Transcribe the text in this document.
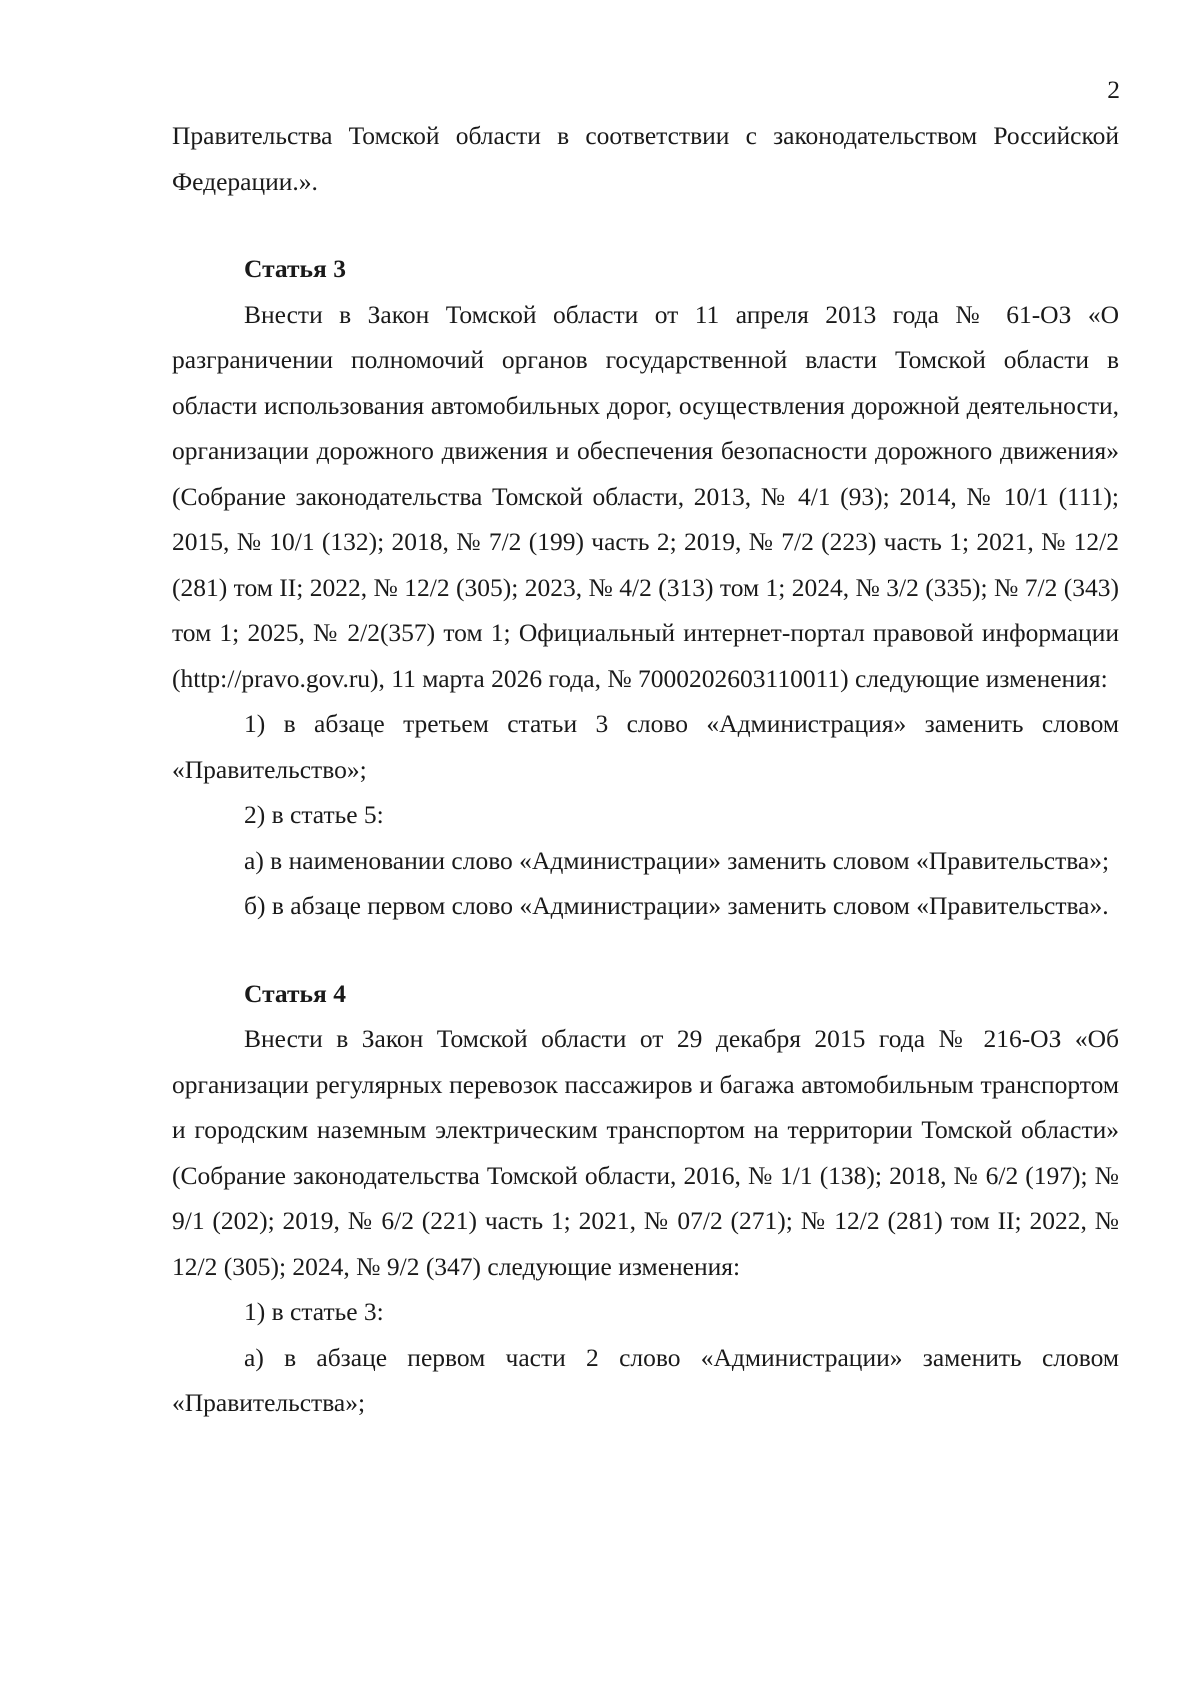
2

Правительства Томской области в соответствии с законодательством Российской Федерации.».

Статья 3

Внести в Закон Томской области от 11 апреля 2013 года № 61-ОЗ «О разграничении полномочий органов государственной власти Томской области в области использования автомобильных дорог, осуществления дорожной деятельности, организации дорожного движения и обеспечения безопасности дорожного движения» (Собрание законодательства Томской области, 2013, № 4/1 (93); 2014, № 10/1 (111); 2015, № 10/1 (132); 2018, № 7/2 (199) часть 2; 2019, № 7/2 (223) часть 1; 2021, № 12/2 (281) том II; 2022, № 12/2 (305); 2023, № 4/2 (313) том 1; 2024, № 3/2 (335); № 7/2 (343) том 1; 2025, № 2/2(357) том 1; Официальный интернет-портал правовой информации (http://pravo.gov.ru), 11 марта 2026 года, № 7000202603110011) следующие изменения:

1) в абзаце третьем статьи 3 слово «Администрация» заменить словом «Правительство»;

2) в статье 5:

а) в наименовании слово «Администрации» заменить словом «Правительства»;

б) в абзаце первом слово «Администрации» заменить словом «Правительства».

Статья 4

Внести в Закон Томской области от 29 декабря 2015 года № 216-ОЗ «Об организации регулярных перевозок пассажиров и багажа автомобильным транспортом и городским наземным электрическим транспортом на территории Томской области» (Собрание законодательства Томской области, 2016, № 1/1 (138); 2018, № 6/2 (197); № 9/1 (202); 2019, № 6/2 (221) часть 1; 2021, № 07/2 (271); № 12/2 (281) том II; 2022, № 12/2 (305); 2024, № 9/2 (347) следующие изменения:

1) в статье 3:

а) в абзаце первом части 2 слово «Администрации» заменить словом «Правительства»;
